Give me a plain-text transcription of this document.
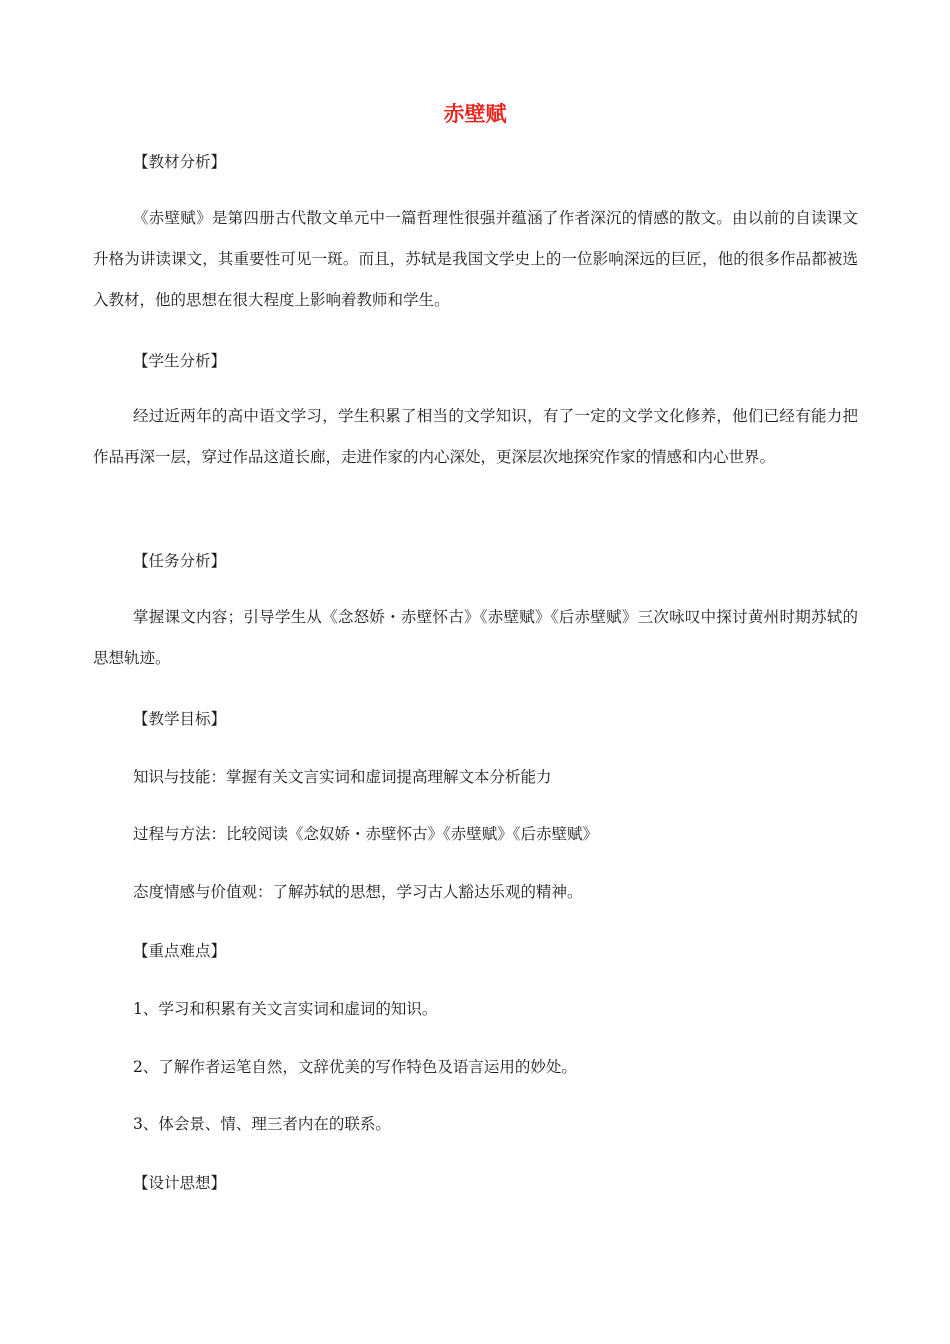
赤壁赋

【教材分析】

《赤壁赋》是第四册古代散文单元中一篇哲理性很强并蕴涵了作者深沉的情感的散文。由以前的自读课文升格为讲读课文，其重要性可见一斑。而且，苏轼是我国文学史上的一位影响深远的巨匠，他的很多作品都被选入教材，他的思想在很大程度上影响着教师和学生。

【学生分析】

经过近两年的高中语文学习，学生积累了相当的文学知识，有了一定的文学文化修养，他们已经有能力把作品再深一层，穿过作品这道长廊，走进作家的内心深处，更深层次地探究作家的情感和内心世界。

【任务分析】

掌握课文内容；引导学生从《念怒娇・赤壁怀古》《赤壁赋》《后赤壁赋》三次咏叹中探讨黄州时期苏轼的思想轨迹。

【教学目标】

知识与技能：掌握有关文言实词和虚词提高理解文本分析能力

过程与方法：比较阅读《念奴娇・赤壁怀古》《赤壁赋》《后赤壁赋》

态度情感与价值观：了解苏轼的思想，学习古人豁达乐观的精神。

【重点难点】

1、学习和积累有关文言实词和虚词的知识。

2、了解作者运笔自然，文辞优美的写作特色及语言运用的妙处。

3、体会景、情、理三者内在的联系。

【设计思想】
